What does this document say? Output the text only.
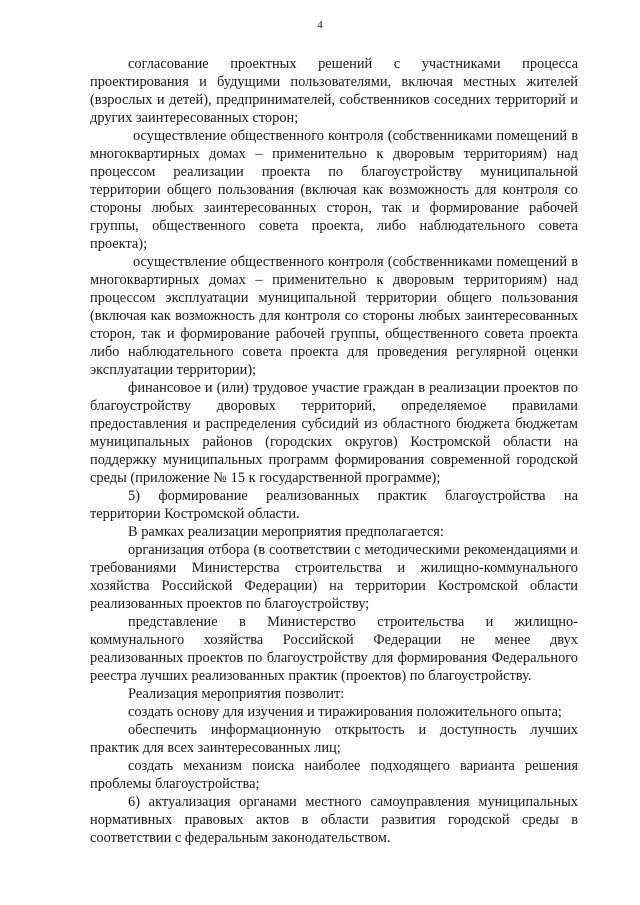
4

согласование проектных решений с участниками процесса проектирования и будущими пользователями, включая местных жителей (взрослых и детей), предпринимателей, собственников соседних территорий и других заинтересованных сторон;

осуществление общественного контроля (собственниками помещений в многоквартирных домах – применительно к дворовым территориям) над процессом реализации проекта по благоустройству муниципальной территории общего пользования (включая как возможность для контроля со стороны любых заинтересованных сторон, так и формирование рабочей группы, общественного совета проекта, либо наблюдательного совета проекта);

осуществление общественного контроля (собственниками помещений в многоквартирных домах – применительно к дворовым территориям) над процессом эксплуатации муниципальной территории общего пользования (включая как возможность для контроля со стороны любых заинтересованных сторон, так и формирование рабочей группы, общественного совета проекта либо наблюдательного совета проекта для проведения регулярной оценки эксплуатации территории);

финансовое и (или) трудовое участие граждан в реализации проектов по благоустройству дворовых территорий, определяемое правилами предоставления и распределения субсидий из областного бюджета бюджетам муниципальных районов (городских округов) Костромской области на поддержку муниципальных программ формирования современной городской среды (приложение № 15 к государственной программе);

5) формирование реализованных практик благоустройства на территории Костромской области.

В рамках реализации мероприятия предполагается:

организация отбора (в соответствии с методическими рекомендациями и требованиями Министерства строительства и жилищно-коммунального хозяйства Российской Федерации) на территории Костромской области реализованных проектов по благоустройству;

представление в Министерство строительства и жилищно-коммунального хозяйства Российской Федерации не менее двух реализованных проектов по благоустройству для формирования Федерального реестра лучших реализованных практик (проектов) по благоустройству.

Реализация мероприятия позволит:

создать основу для изучения и тиражирования положительного опыта;

обеспечить информационную открытость и доступность лучших практик для всех заинтересованных лиц;

создать механизм поиска наиболее подходящего варианта решения проблемы благоустройства;

6) актуализация органами местного самоуправления муниципальных нормативных правовых актов в области развития городской среды в соответствии с федеральным законодательством.
